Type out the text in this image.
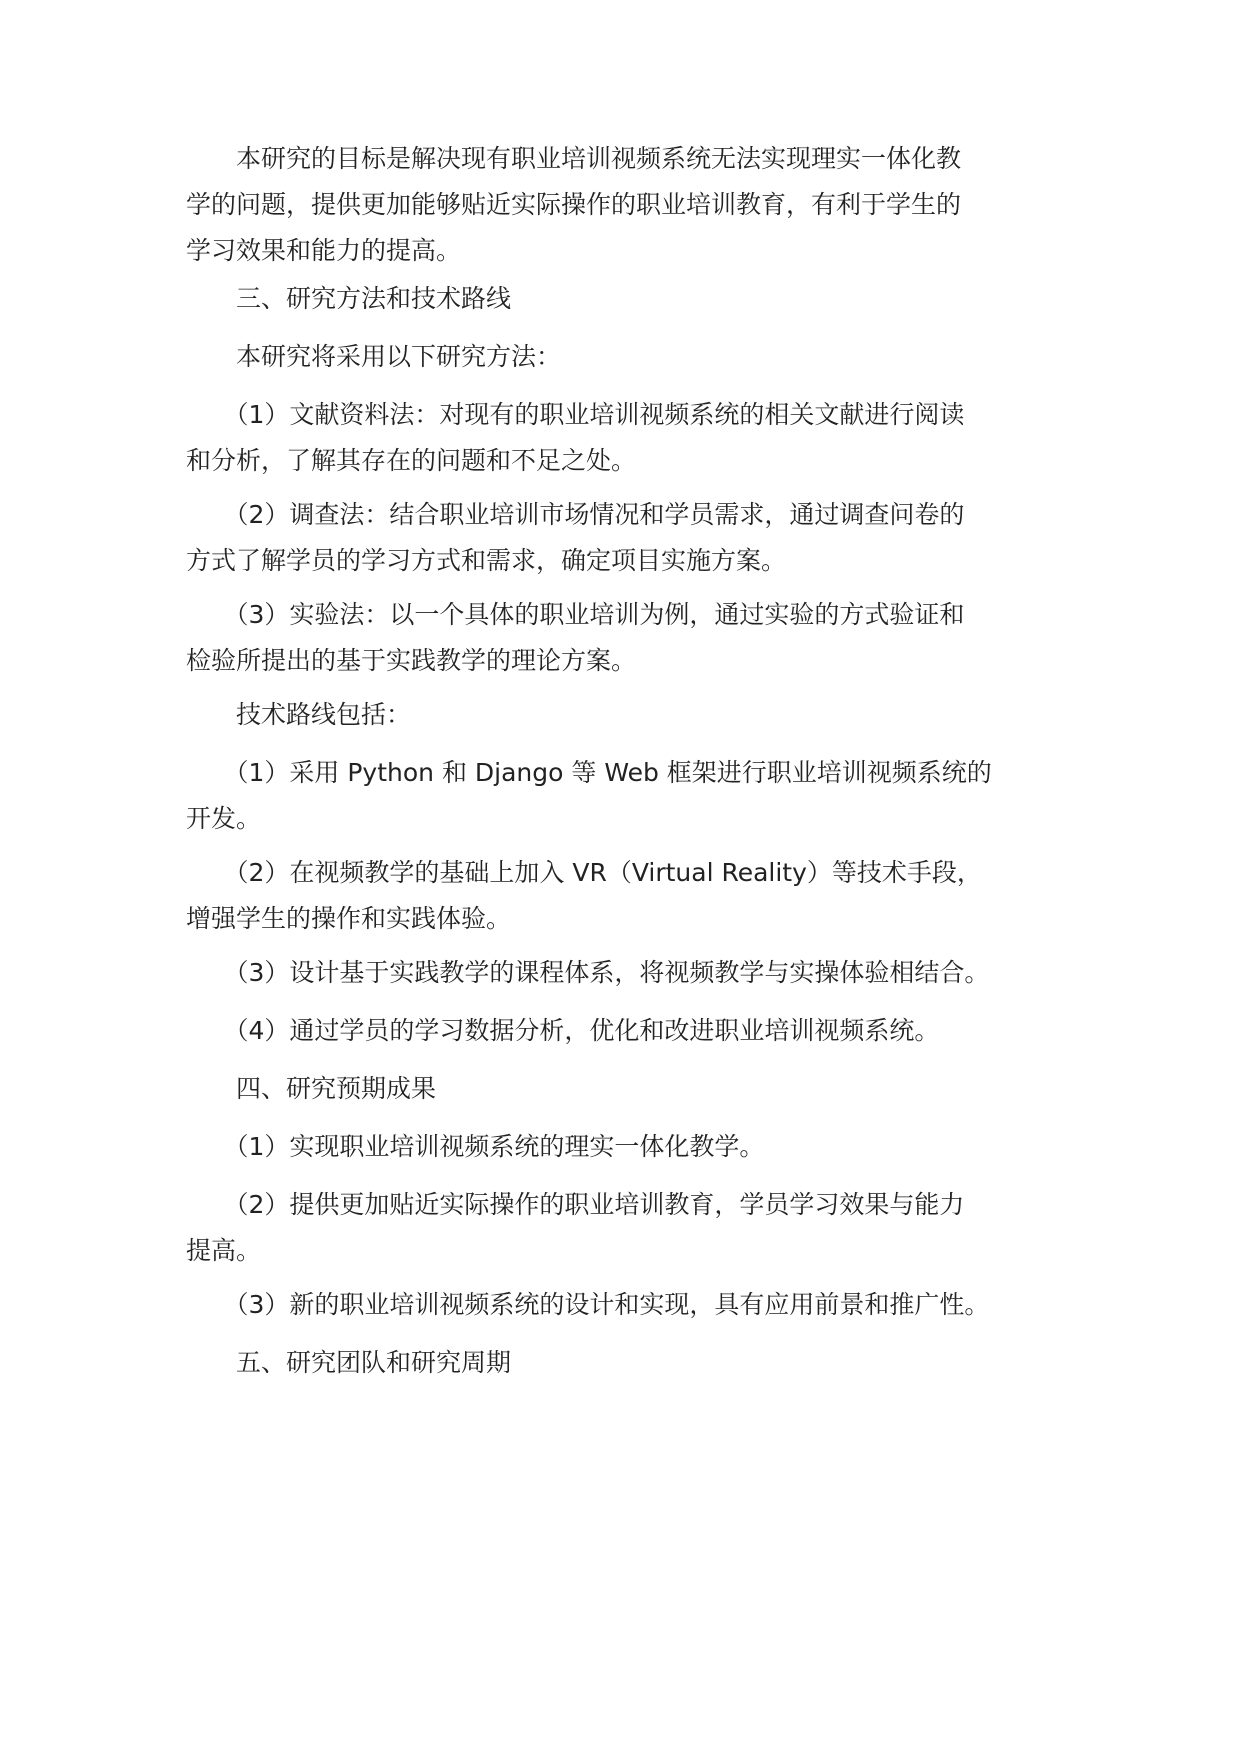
　　本研究的目标是解决现有职业培训视频系统无法实现理实一体化教
学的问题，提供更加能够贴近实际操作的职业培训教育，有利于学生的
学习效果和能力的提高。

　　三、研究方法和技术路线

　　本研究将采用以下研究方法：

　　（1）文献资料法：对现有的职业培训视频系统的相关文献进行阅读
和分析，了解其存在的问题和不足之处。

　　（2）调查法：结合职业培训市场情况和学员需求，通过调查问卷的
方式了解学员的学习方式和需求，确定项目实施方案。

　　（3）实验法：以一个具体的职业培训为例，通过实验的方式验证和
检验所提出的基于实践教学的理论方案。

　　技术路线包括：

　　（1）采用 Python 和 Django 等 Web 框架进行职业培训视频系统的
开发。

　　（2）在视频教学的基础上加入 VR（Virtual Reality）等技术手段，
增强学生的操作和实践体验。

　　（3）设计基于实践教学的课程体系，将视频教学与实操体验相结合。

　　（4）通过学员的学习数据分析，优化和改进职业培训视频系统。

　　四、研究预期成果

　　（1）实现职业培训视频系统的理实一体化教学。

　　（2）提供更加贴近实际操作的职业培训教育，学员学习效果与能力
提高。

　　（3）新的职业培训视频系统的设计和实现，具有应用前景和推广性。

　　五、研究团队和研究周期
